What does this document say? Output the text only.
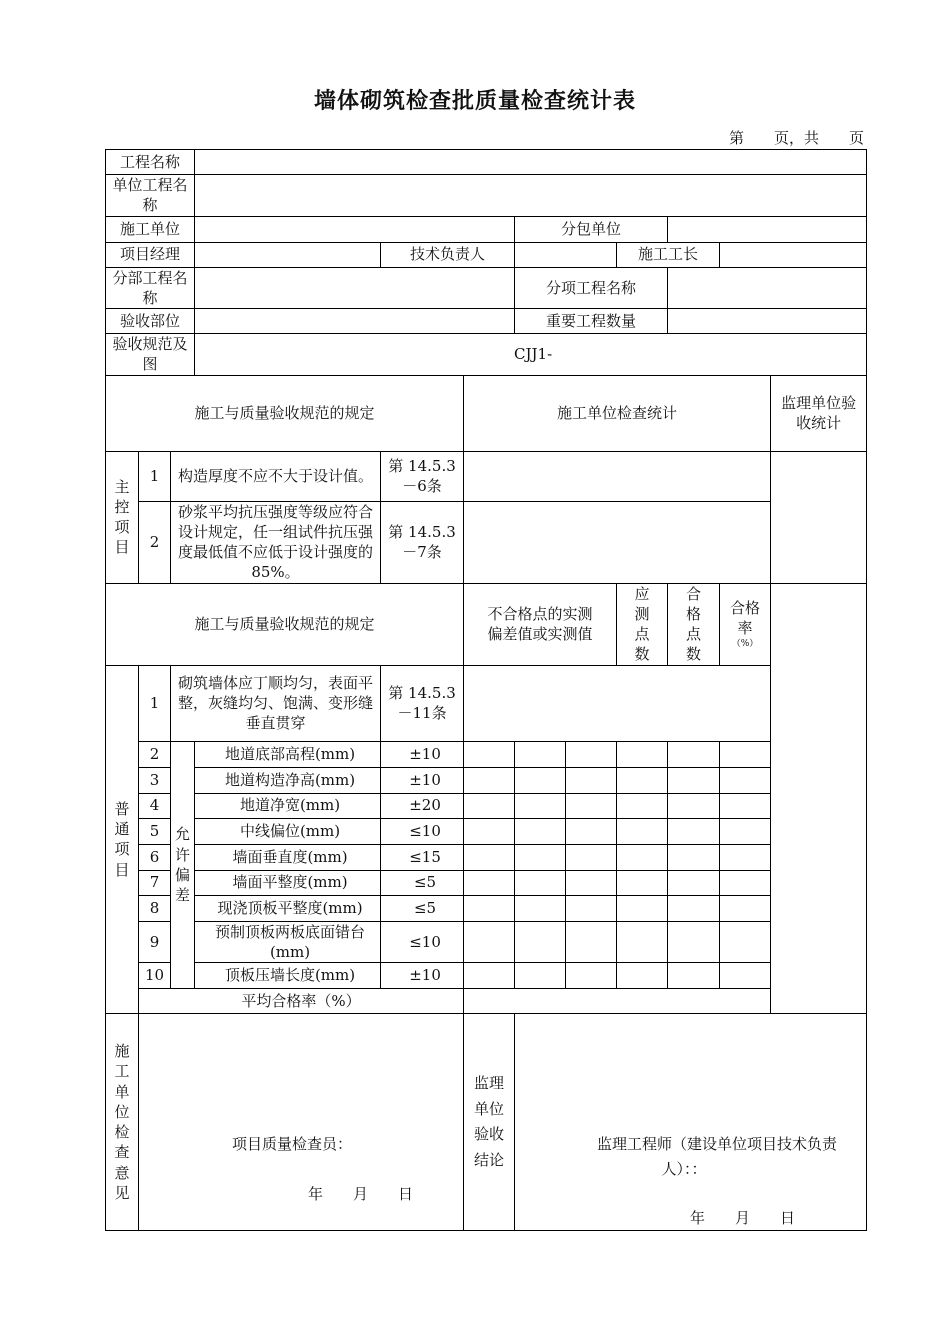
墙体砌筑检查批质量检查统计表
第　　页，共　　页
工程名称											
单位工程名称											
施工单位						分包单位					
项目经理				技术负责人				施工工长			
分部工程名称						分项工程名称					
验收部位						重要工程数量					
验收规范及图			CJJ1-								
施工与质量验收规范的规定					施工单位检查统计						监理单位验收统计
主控项目	1	构造厚度不应不大于设计值。		第 14.5.3－6条							
	2	砂浆平均抗压强度等级应符合设计规定，任一组试件抗压强度最低值不应低于设计强度的85%。		第 14.5.3－7条							
施工与质量验收规范的规定					不合格点的实测偏差值或实测值			应测点数	合格点数	合格率
（%）	

普通项目	1	砌筑墙体应丁顺均匀，表面平整，灰缝均匀、饱满、变形缝垂直贯穿		第 14.5.3－11条							
	2	允许偏差	地道底部高程(mm)	±10							
	3		地道构造净高(mm)	±10							
	4		地道净宽(mm)	±20							
	5		中线偏位(mm)	≤10							
	6		墙面垂直度(mm)	≤15							
	7		墙面平整度(mm)	≤5							
	8		现浇顶板平整度(mm)	≤5							
	9		预制顶板两板底面错台(mm)	≤10							
	10		顶板压墙长度(mm)	±10							
	平均合格率（%）										
施工单位检查意见	项目质量检查员：
年　　月　　日				监理单位验收结论	监理工程师（建设单位项目技术负责人）：：
年　　月　　日					
